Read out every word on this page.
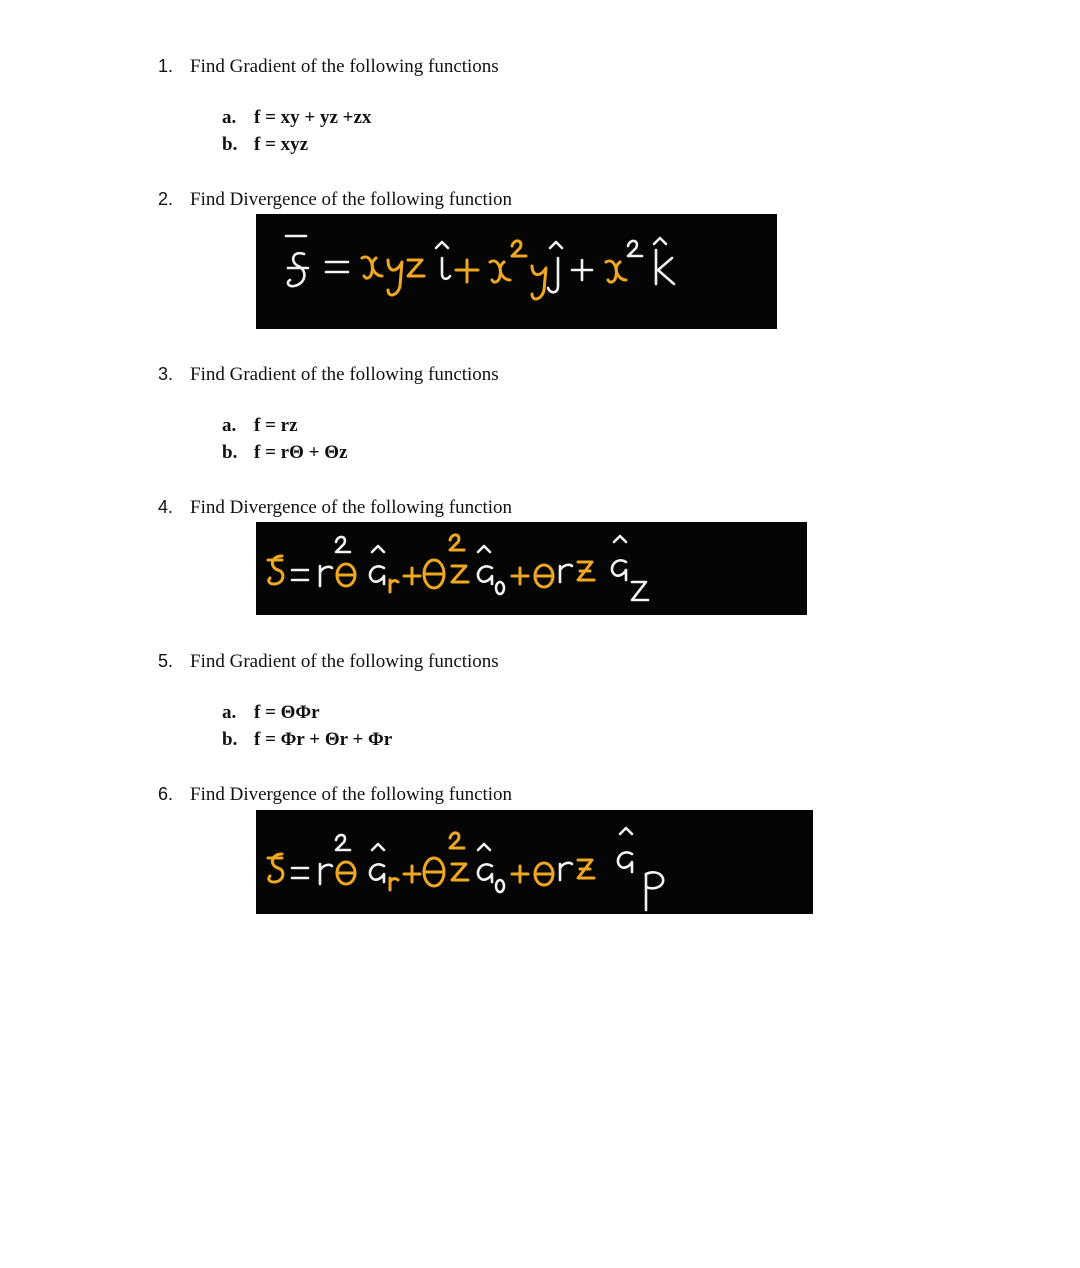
1. Find Gradient of the following functions
a. f = xy + yz +zx
b. f = xyz
2. Find Divergence of the following function
3. Find Gradient of the following functions
a. f = rz
b. f = rΘ + Θz
4. Find Divergence of the following function
5. Find Gradient of the following functions
a. f = ΘΦr
b. f = Φr + Θr + Φr
6. Find Divergence of the following function
